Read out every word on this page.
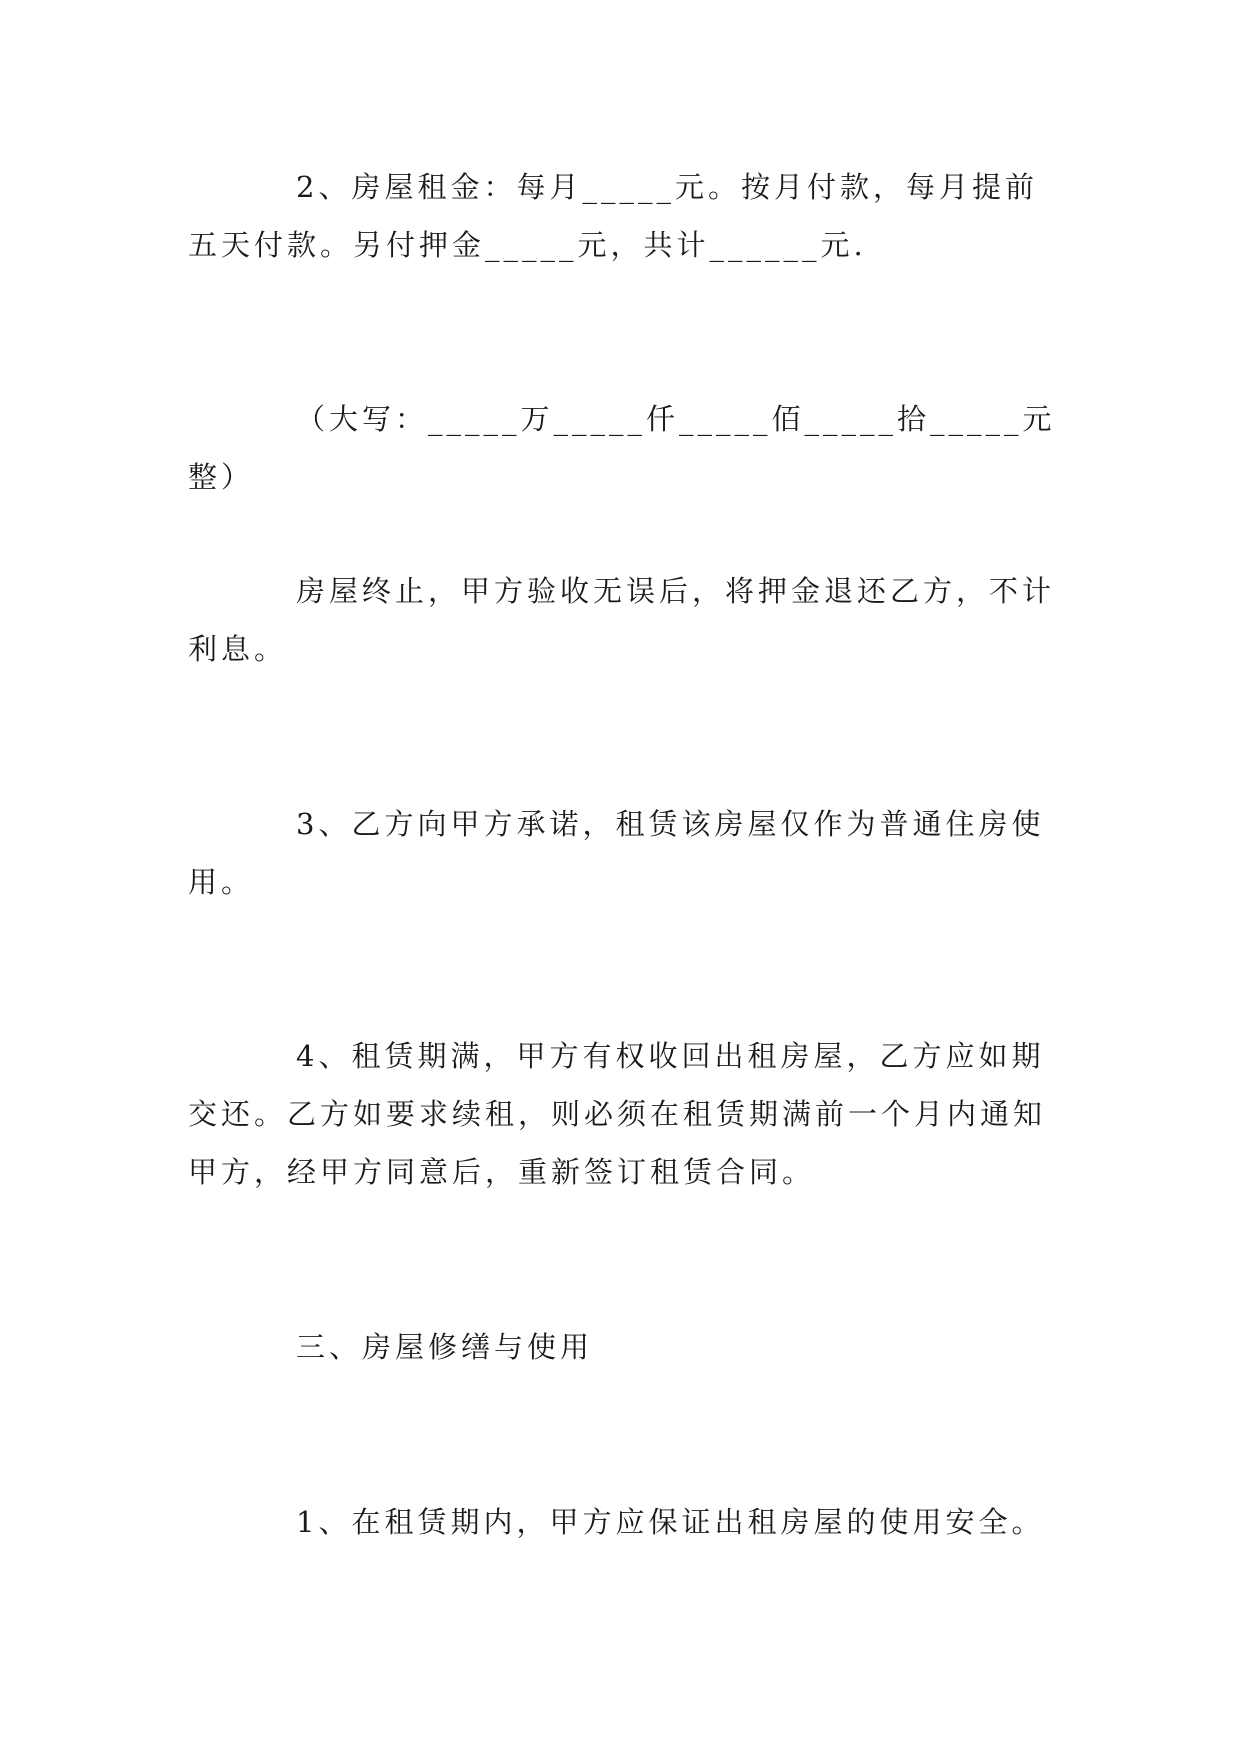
2、房屋租金：每月_____元。按月付款，每月提前五天付款。另付押金_____元，共计______元.

（大写：_____万_____仟_____佰_____拾_____元整）

房屋终止，甲方验收无误后，将押金退还乙方，不计利息。

3、乙方向甲方承诺，租赁该房屋仅作为普通住房使用。

4、租赁期满，甲方有权收回出租房屋，乙方应如期交还。乙方如要求续租，则必须在租赁期满前一个月内通知甲方，经甲方同意后，重新签订租赁合同。

三、房屋修缮与使用

1、在租赁期内，甲方应保证出租房屋的使用安全。
